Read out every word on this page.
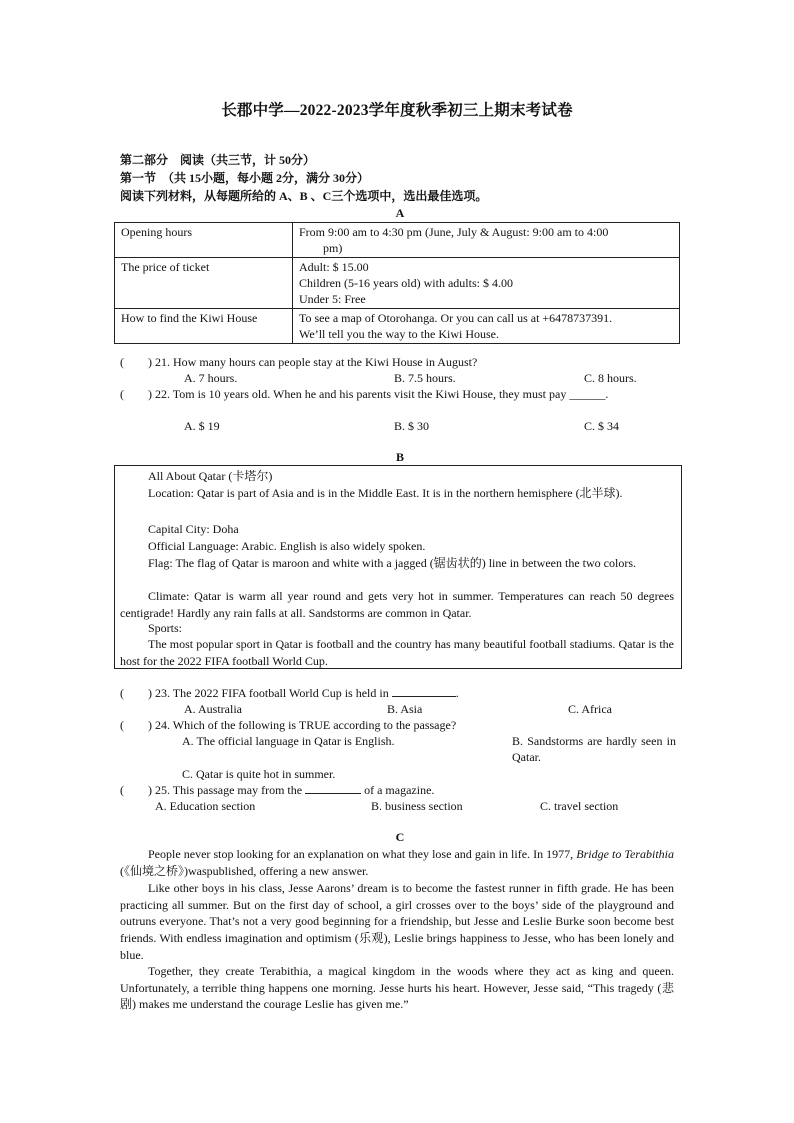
长郡中学—2022-2023学年度秋季初三上期末考试卷
第二部分　阅读（共三节，计 50分）
第一节　（共 15小题，每小题 2分，满分 30分）
阅读下列材料，从每题所给的 A、B 、C三个选项中，选出最佳选项。
A
Opening hours	From 9:00 am to 4:30 pm (June, July & August: 9:00 am to 4:00
pm)

The price of ticket	Adult: $ 15.00
Children (5-16 years old) with adults: $ 4.00
Under 5: Free

How to find the Kiwi House	To see a map of Otorohanga. Or you can call us at +6478737391.
We’ll tell you the way to the Kiwi House.
(　　) 21. How many hours can people stay at the Kiwi House in August?
A. 7 hours.	B. 7.5 hours.	C. 8 hours.
(　　) 22. Tom is 10 years old. When he and his parents visit the Kiwi House, they must pay ______.
A. $ 19	B. $ 30	C. $ 34
B
All About Qatar (卡塔尔)
Location: Qatar is part of Asia and is in the Middle East. It is in the northern hemisphere (北半球).
Capital City: Doha
Official Language: Arabic. English is also widely spoken.
Flag: The flag of Qatar is maroon and white with a jagged (锯齿状的) line in between the two colors.
Climate: Qatar is warm all year round and gets very hot in summer. Temperatures can reach 50 degrees centigrade! Hardly any rain falls at all. Sandstorms are common in Qatar.
Sports:
The most popular sport in Qatar is football and the country has many beautiful football stadiums. Qatar is the host for the 2022 FIFA football World Cup.
(　　) 23. The 2022 FIFA football World Cup is held in	.
A. Australia	B. Asia	C. Africa
(　　) 24. Which of the following is TRUE according to the passage?
A. The official language in Qatar is English.	B. Sandstorms are hardly seen in Qatar.
C. Qatar is quite hot in summer.
(　　) 25. This passage may from the	of a magazine.
A. Education section	B. business section	C. travel section
C
People never stop looking for an explanation on what they lose and gain in life. In 1977, Bridge to Terabithia (《仙境之桥》)waspublished, offering a new answer.
Like other boys in his class, Jesse Aarons’ dream is to become the fastest runner in fifth grade. He has been practicing all summer. But on the first day of school, a girl crosses over to the boys’ side of the playground and outruns everyone. That’s not a very good beginning for a friendship, but Jesse and Leslie Burke soon become best friends. With endless imagination and optimism (乐观), Leslie brings happiness to Jesse, who has been lonely and blue.
Together, they create Terabithia, a magical kingdom in the woods where they act as king and queen. Unfortunately, a terrible thing happens one morning. Jesse hurts his heart. However, Jesse said, “This tragedy (悲剧) makes me understand the courage Leslie has given me.”
